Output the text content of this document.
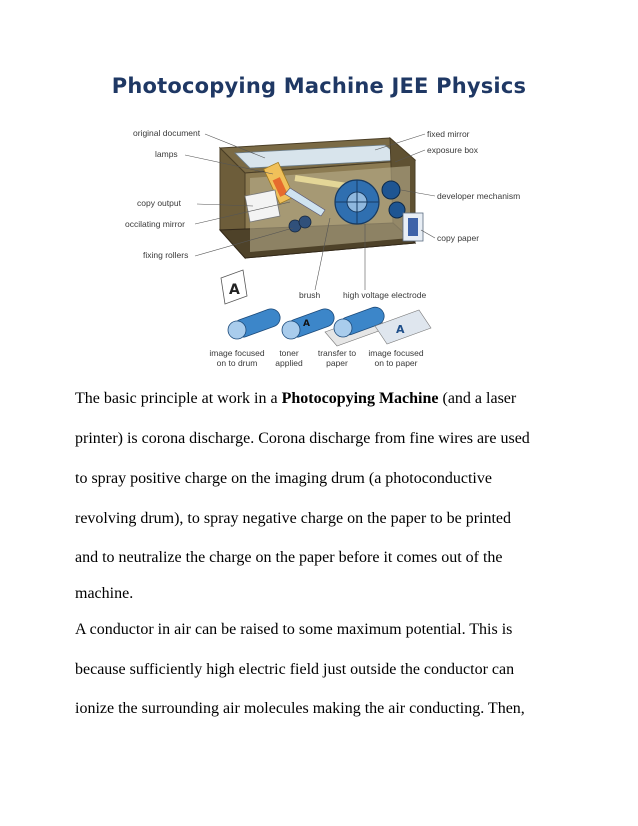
Photocopying Machine JEE Physics
original document
lamps
copy output
occilating mirror
fixing rollers
fixed mirror
exposure box
developer mechanism
copy paper
brush	high voltage electrode
A
A	A
image focused
on to drum
toner
applied
transfer to
paper
image focused
on to paper
The basic principle at work in a Photocopying Machine (and a laser
printer) is corona discharge. Corona discharge from fine wires are used
to spray positive charge on the imaging drum (a photoconductive
revolving drum), to spray negative charge on the paper to be printed
and to neutralize the charge on the paper before it comes out of the
machine.
A conductor in air can be raised to some maximum potential. This is
because sufficiently high electric field just outside the conductor can
ionize the surrounding air molecules making the air conducting. Then,
